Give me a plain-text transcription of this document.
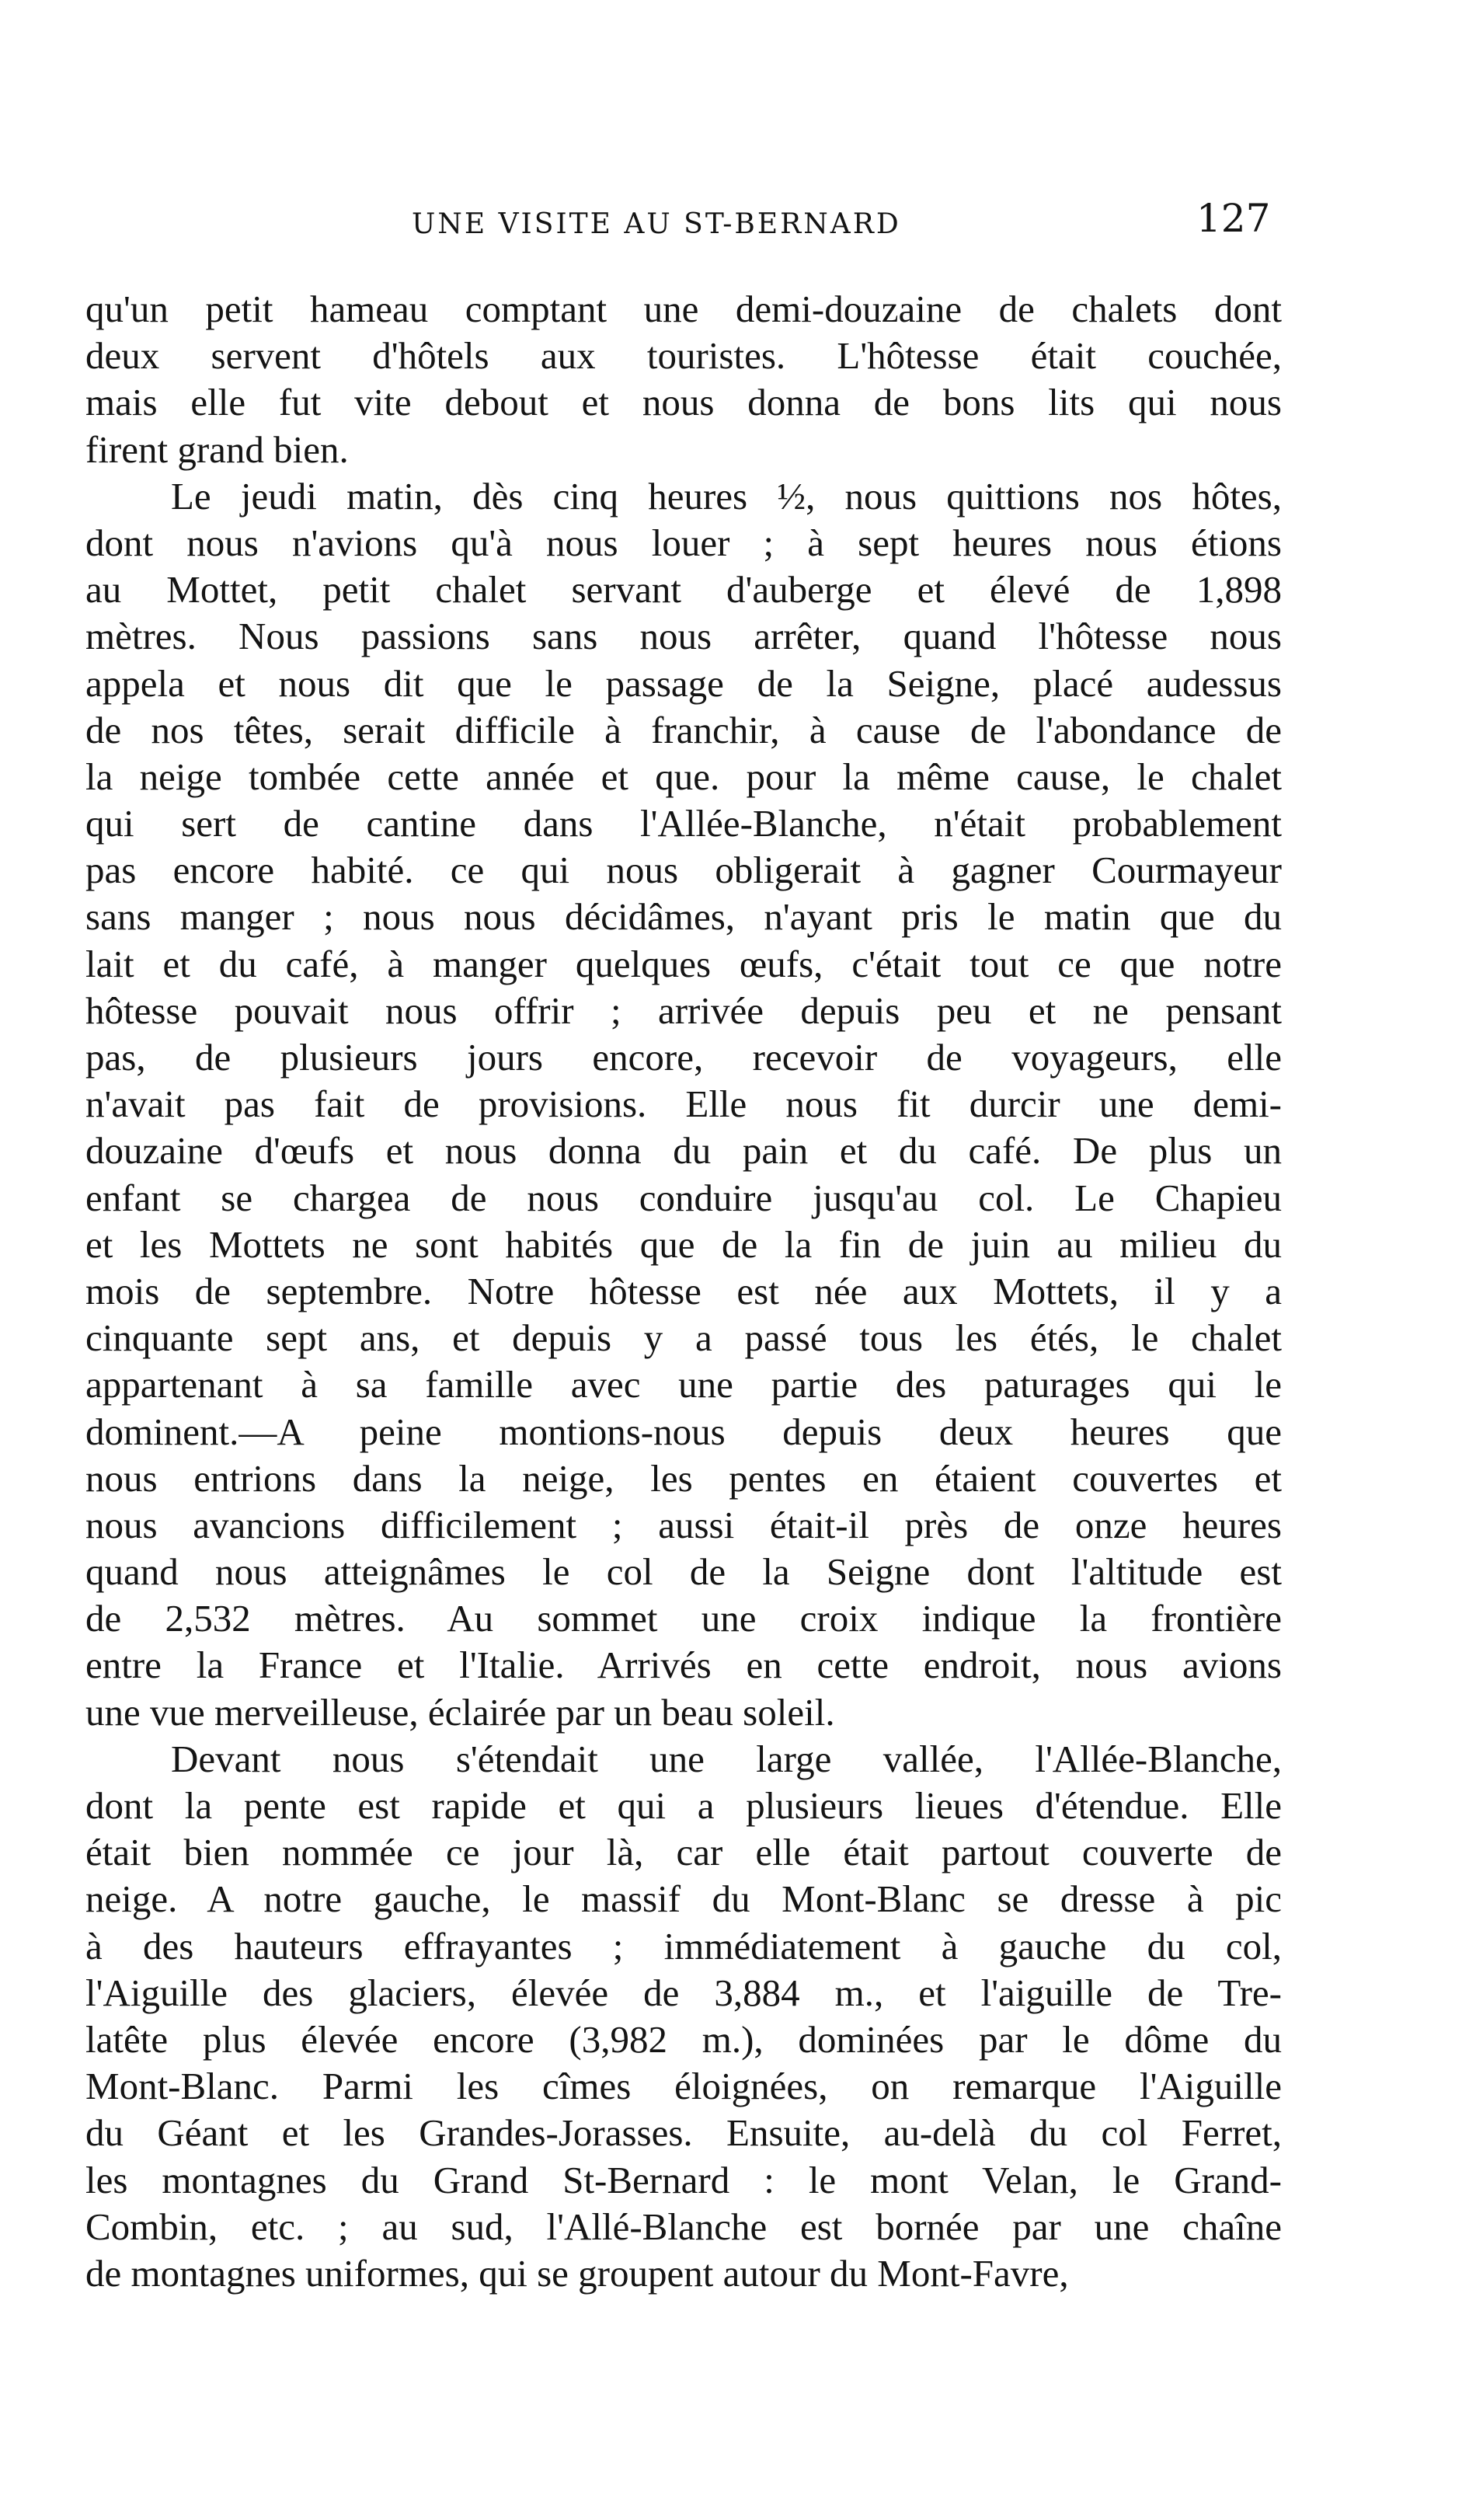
UNE VISITE AU ST-BERNARD	127
qu'un petit hameau comptant une demi-douzaine de chalets dont
deux servent d'hôtels aux touristes. L'hôtesse était couchée,
mais elle fut vite debout et nous donna de bons lits qui nous
firent grand bien.
Le jeudi matin, dès cinq heures ½, nous quittions nos hôtes,
dont nous n'avions qu'à nous louer ; à sept heures nous étions
au Mottet, petit chalet servant d'auberge et élevé de 1,898
mètres. Nous passions sans nous arrêter, quand l'hôtesse nous
appela et nous dit que le passage de la Seigne, placé audessus
de nos têtes, serait difficile à franchir, à cause de l'abondance de
la neige tombée cette année et que. pour la même cause, le chalet
qui sert de cantine dans l'Allée-Blanche, n'était probablement
pas encore habité. ce qui nous obligerait à gagner Courmayeur
sans manger ; nous nous décidâmes, n'ayant pris le matin que du
lait et du café, à manger quelques œufs, c'était tout ce que notre
hôtesse pouvait nous offrir ; arrivée depuis peu et ne pensant
pas, de plusieurs jours encore, recevoir de voyageurs, elle
n'avait pas fait de provisions. Elle nous fit durcir une demi-
douzaine d'œufs et nous donna du pain et du café. De plus un
enfant se chargea de nous conduire jusqu'au col. Le Chapieu
et les Mottets ne sont habités que de la fin de juin au milieu du
mois de septembre. Notre hôtesse est née aux Mottets, il y a
cinquante sept ans, et depuis y a passé tous les étés, le chalet
appartenant à sa famille avec une partie des paturages qui le
dominent.—A peine montions-nous depuis deux heures que
nous entrions dans la neige, les pentes en étaient couvertes et
nous avancions difficilement ; aussi était-il près de onze heures
quand nous atteignâmes le col de la Seigne dont l'altitude est
de 2,532 mètres. Au sommet une croix indique la frontière
entre la France et l'Italie. Arrivés en cette endroit, nous avions
une vue merveilleuse, éclairée par un beau soleil.
Devant nous s'étendait une large vallée, l'Allée-Blanche,
dont la pente est rapide et qui a plusieurs lieues d'étendue. Elle
était bien nommée ce jour là, car elle était partout couverte de
neige. A notre gauche, le massif du Mont-Blanc se dresse à pic
à des hauteurs effrayantes ; immédiatement à gauche du col,
l'Aiguille des glaciers, élevée de 3,884 m., et l'aiguille de Tre-
latête plus élevée encore (3,982 m.), dominées par le dôme du
Mont-Blanc. Parmi les cîmes éloignées, on remarque l'Aiguille
du Géant et les Grandes-Jorasses. Ensuite, au-delà du col Ferret,
les montagnes du Grand St-Bernard : le mont Velan, le Grand-
Combin, etc. ; au sud, l'Allé-Blanche est bornée par une chaîne
de montagnes uniformes, qui se groupent autour du Mont-Favre,
